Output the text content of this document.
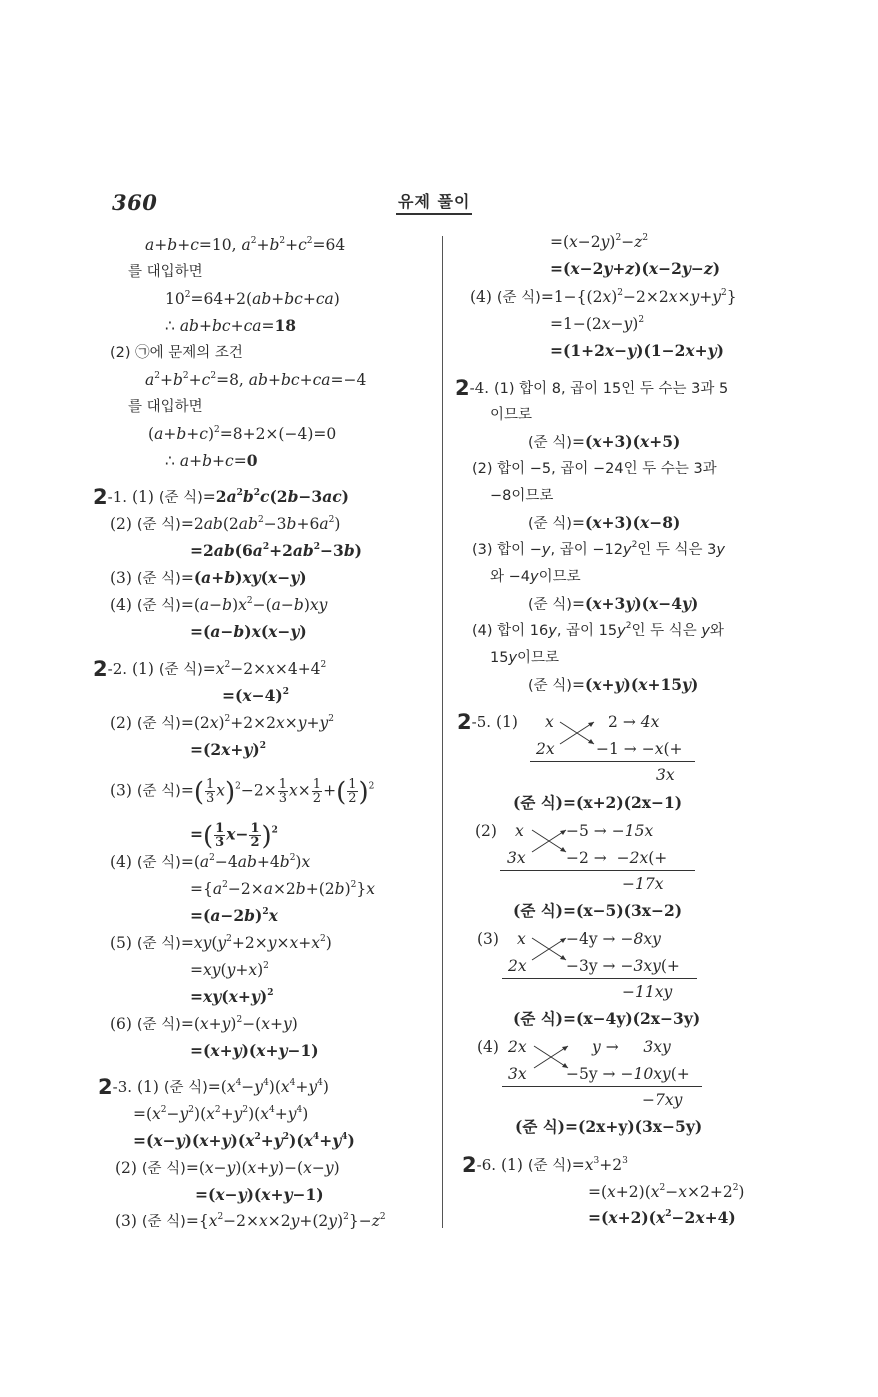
360	유제 풀이
a+b+c=10, $a^2+b^2+c^2=64$
를 대입하면
$10^2=64+2(ab+bc+ca)$
∴ ab+bc+ca=18
(2) ㉠에 문제의 조건
$a^2+b^2+c^2=8$, ab+bc+ca=−4
를 대입하면
$(a+b+c)^2=8+2\times(-4)=0$
∴ a+b+c=0
2-1. (1) (준 식)$=2a^2b^2c(2b-3ac)$
(2) (준 식)$=2ab(2ab^2-3b+6a^2)$
$=2ab(6a^2+2ab^2-3b)$
(3) (준 식)=(a+b)xy(x−y)
(4) (준 식)$=(a-b)x^2-(a-b)xy$
=(a−b)x(x−y)
2-2. (1) (준 식)$=x^2-2\times x\times 4+4^2$
$=(x-4)^2$
(2) (준 식)$=(2x)^2+2\times 2x\times y+y^2$
$=(2x+y)^2$
(3) (준 식)=( $\frac{1}{3} x)^2-2\times \frac{1}{3} x\times \frac{1}{2}$ +( $\frac{1}{2} )^2$
=( $\frac{1}{3} x- \frac{1}{2} )^2$
(4) (준 식)$=(a^2-4ab+4b^2)x$
$=\{a^2-2\times a\times 2b+(2b)^2\}x$
$=(a-2b)^2x$
(5) (준 식)$=xy(y^2+2\times y\times x+x^2)$
$=xy(y+x)^2$
$=xy(x+y)^2$
(6) (준 식)$=(x+y)^2-(x+y)$
=(x+y)(x+y−1)
2-3. (1) (준 식)$=(x^4-y^4)(x^4+y^4)$
$=(x^2-y^2)(x^2+y^2)(x^4+y^4)$
$=(x-y)(x+y)(x^2+y^2)(x^4+y^4)$
(2) (준 식)=(x−y)(x+y)−(x−y)
=(x−y)(x+y−1)
(3) (준 식)$=\{x^2-2\times x\times 2y+(2y)^2\}-z^2$
$=(x-2y)^2-z^2$
=(x−2y+z)(x−2y−z)
(4) (준 식)$=1-\{(2x)^2-2\times 2x\times y+y^2\}$
$=1-(2x-y)^2$
=(1+2x−y)(1−2x+y)
2-4. (1) 합이 8, 곱이 15인 두 수는 3과 5
이므로
(준 식)=(x+3)(x+5)
(2) 합이 −5, 곱이 −24인 두 수는 3과
−8이므로
(준 식)=(x+3)(x−8)
(3) 합이 −y, 곱이 $-12y^2$인 두 식은 3y
와 −4y이므로
(준 식)=(x+3y)(x−4y)
(4) 합이 16y, 곱이 $15y^2$인 두 식은 y와
15y이므로
(준 식)=(x+y)(x+15y)
2-5. (1) x
2x
2 → 4x
−1 → −x(+
3x
(준 식)=(x+2)(2x−1)
(2) x
3x
−5 → −15x
−2 → −2x(+
−17x
(준 식)=(x−5)(3x−2)
(3) x
2x
−4y → −8xy
−3y → −3xy(+
−11xy
(준 식)=(x−4y)(2x−3y)
(4) 2x
3x
y → 3xy
−5y → −10xy(+
−7xy
(준 식)=(2x+y)(3x−5y)
2-6. (1) (준 식)$=x^3+2^3$
$=(x+2)(x^2-x\times 2+2^2)$
$=(x+2)(x^2-2x+4)$
